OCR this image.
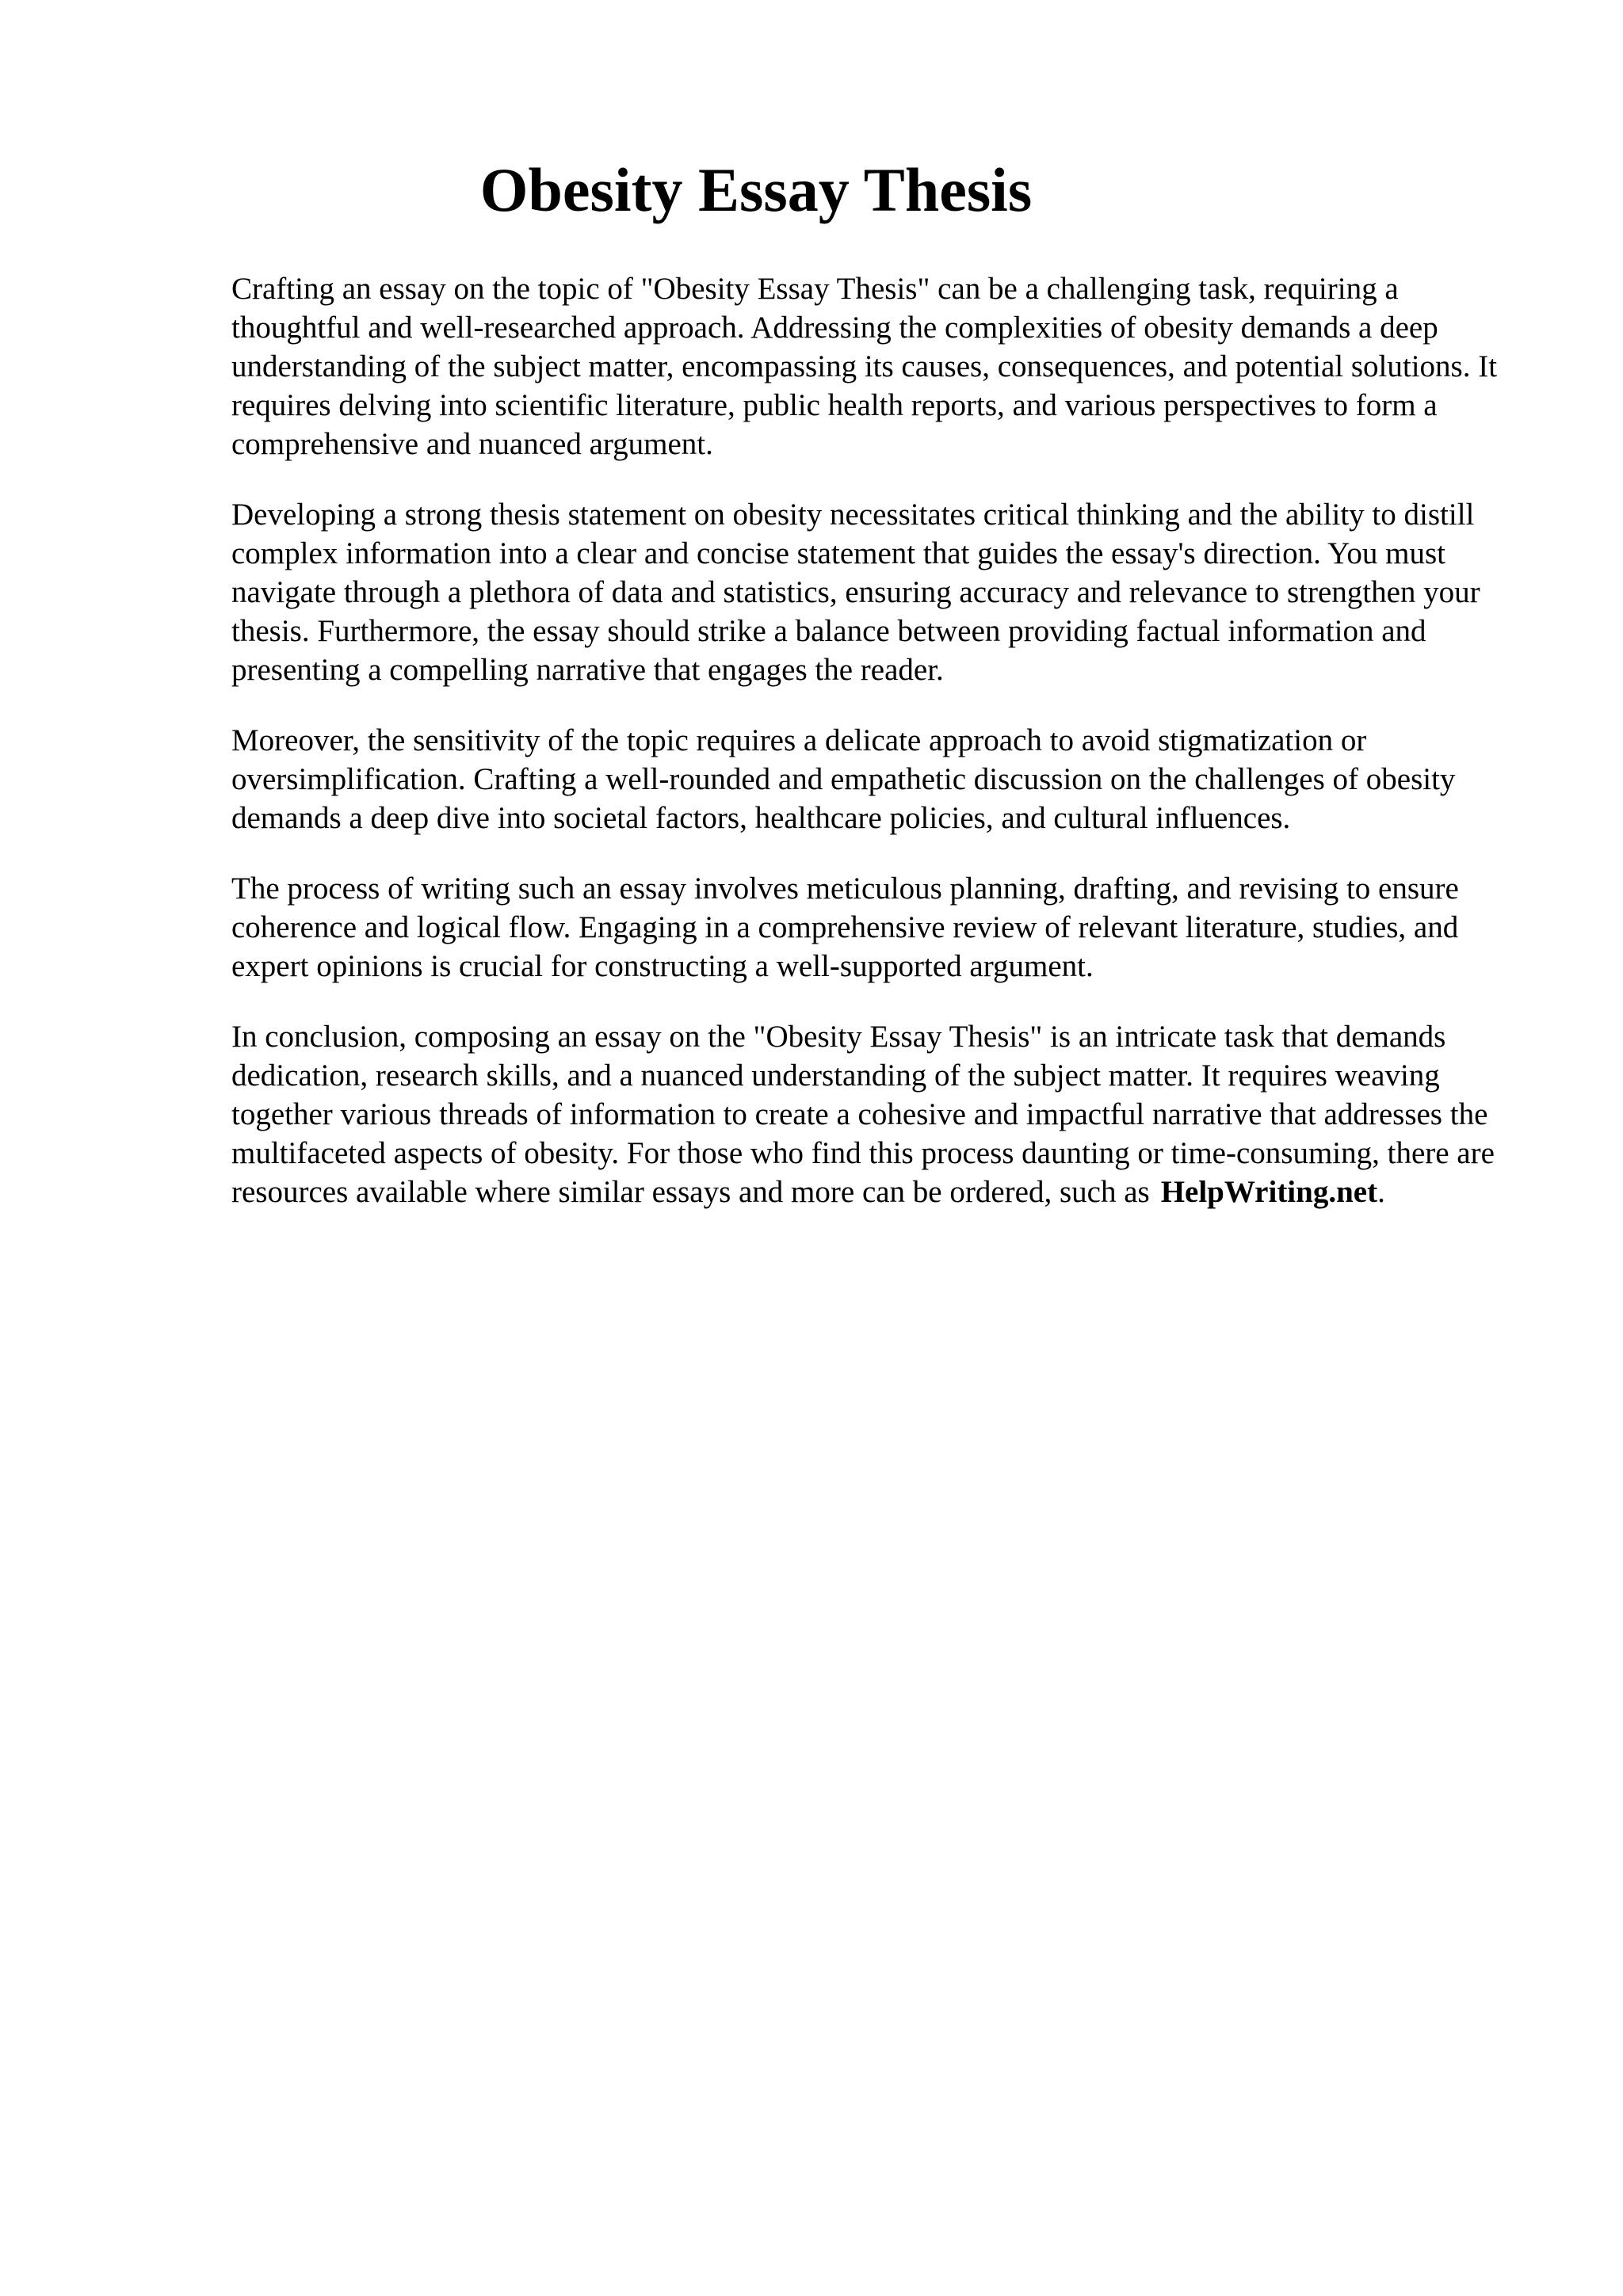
Obesity Essay Thesis

Crafting an essay on the topic of "Obesity Essay Thesis" can be a challenging task, requiring a thoughtful and well-researched approach. Addressing the complexities of obesity demands a deep understanding of the subject matter, encompassing its causes, consequences, and potential solutions. It requires delving into scientific literature, public health reports, and various perspectives to form a comprehensive and nuanced argument.

Developing a strong thesis statement on obesity necessitates critical thinking and the ability to distill complex information into a clear and concise statement that guides the essay's direction. You must navigate through a plethora of data and statistics, ensuring accuracy and relevance to strengthen your thesis. Furthermore, the essay should strike a balance between providing factual information and presenting a compelling narrative that engages the reader.

Moreover, the sensitivity of the topic requires a delicate approach to avoid stigmatization or oversimplification. Crafting a well-rounded and empathetic discussion on the challenges of obesity demands a deep dive into societal factors, healthcare policies, and cultural influences.

The process of writing such an essay involves meticulous planning, drafting, and revising to ensure coherence and logical flow. Engaging in a comprehensive review of relevant literature, studies, and expert opinions is crucial for constructing a well-supported argument.

In conclusion, composing an essay on the "Obesity Essay Thesis" is an intricate task that demands dedication, research skills, and a nuanced understanding of the subject matter. It requires weaving together various threads of information to create a cohesive and impactful narrative that addresses the multifaceted aspects of obesity. For those who find this process daunting or time-consuming, there are resources available where similar essays and more can be ordered, such as HelpWriting.net.
